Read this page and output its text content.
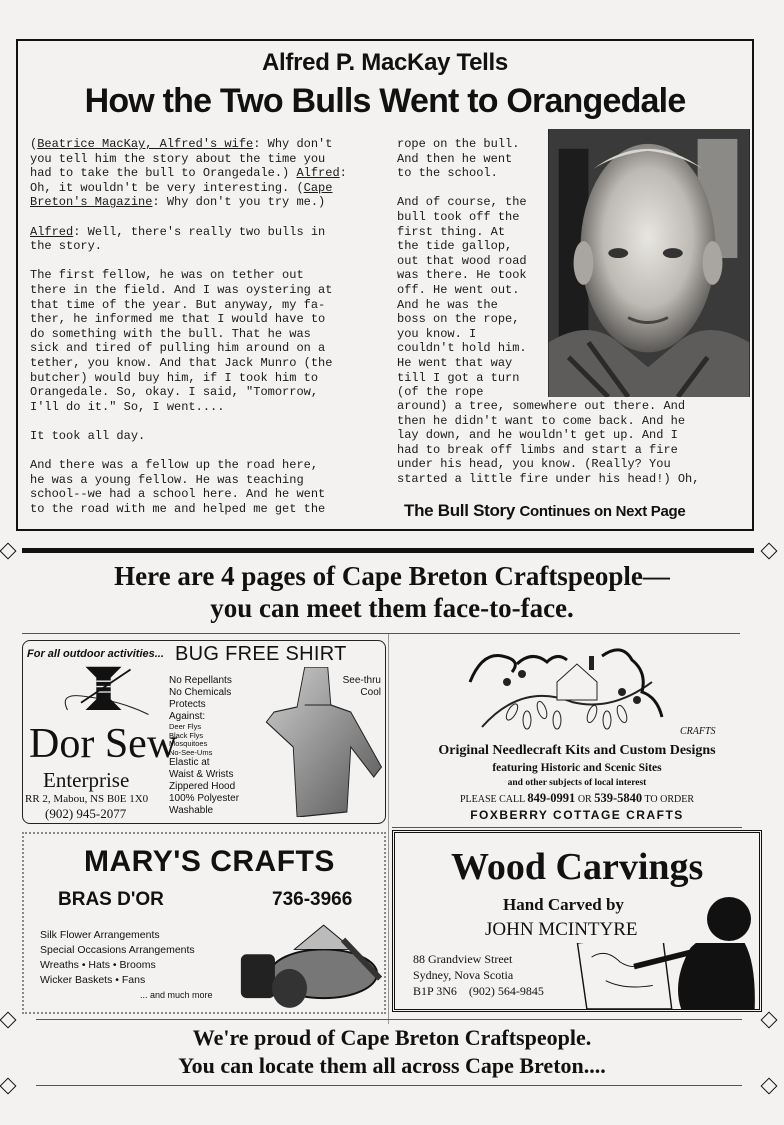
Alfred P. MacKay Tells
How the Two Bulls Went to Orangedale
(Beatrice MacKay, Alfred's wife: Why don't
you tell him the story about the time you
had to take the bull to Orangedale.) Alfred:
Oh, it wouldn't be very interesting. (Cape
Breton's Magazine: Why don't you try me.)
Alfred: Well, there's really two bulls in
the story.
The first fellow, he was on tether out
there in the field. And I was oystering at
that time of the year. But anyway, my fa-
ther, he informed me that I would have to
do something with the bull. That he was
sick and tired of pulling him around on a
tether, you know. And that Jack Munro (the
butcher) would buy him, if I took him to
Orangedale. So, okay. I said, "Tomorrow,
I'll do it." So, I went....
It took all day.
And there was a fellow up the road here,
he was a young fellow. He was teaching
school--we had a school here. And he went
to the road with me and helped me get the
rope on the bull.
And then he went
to the school.

And of course, the
bull took off the
first thing. At
the tide gallop,
out that wood road
was there. He took
off. He went out.
And he was the
boss on the rope,
you know. I
couldn't hold him.
He went that way
till I got a turn
(of the rope
around) a tree, somewhere out there. And
then he didn't want to come back. And he
lay down, and he wouldn't get up. And I
had to break off limbs and start a fire
under his head, you know. (Really? You
started a little fire under his head!) Oh,
The Bull Story Continues on Next Page
Here are 4 pages of Cape Breton Craftspeople—
you can meet them face-to-face.
For all outdoor activities... BUG FREE SHIRT
Dor Sew
Enterprise
RR 2, Mabou, NS B0E 1X0
(902) 945-2077
No Repellants
No Chemicals
Protects
Against:
Deer Flys
Black Flys
Mosquitoes
No-See-Ums
Elastic at
Waist & Wrists
Zippered Hood
100% Polyester
Washable
See-thru
Cool
CRAFTS
Original Needlecraft Kits and Custom Designs
featuring Historic and Scenic Sites
and other subjects of local interest
PLEASE CALL 849-0991 OR 539-5840 TO ORDER
FOXBERRY COTTAGE CRAFTS
MARY'S CRAFTS
BRAS D'OR	736-3966
Silk Flower Arrangements
Special Occasions Arrangements
Wreaths • Hats • Brooms
Wicker Baskets • Fans
... and much more
Wood Carvings
Hand Carved by
JOHN MCINTYRE
88 Grandview Street
Sydney, Nova Scotia
B1P 3N6 (902) 564-9845
We're proud of Cape Breton Craftspeople.
You can locate them all across Cape Breton....
